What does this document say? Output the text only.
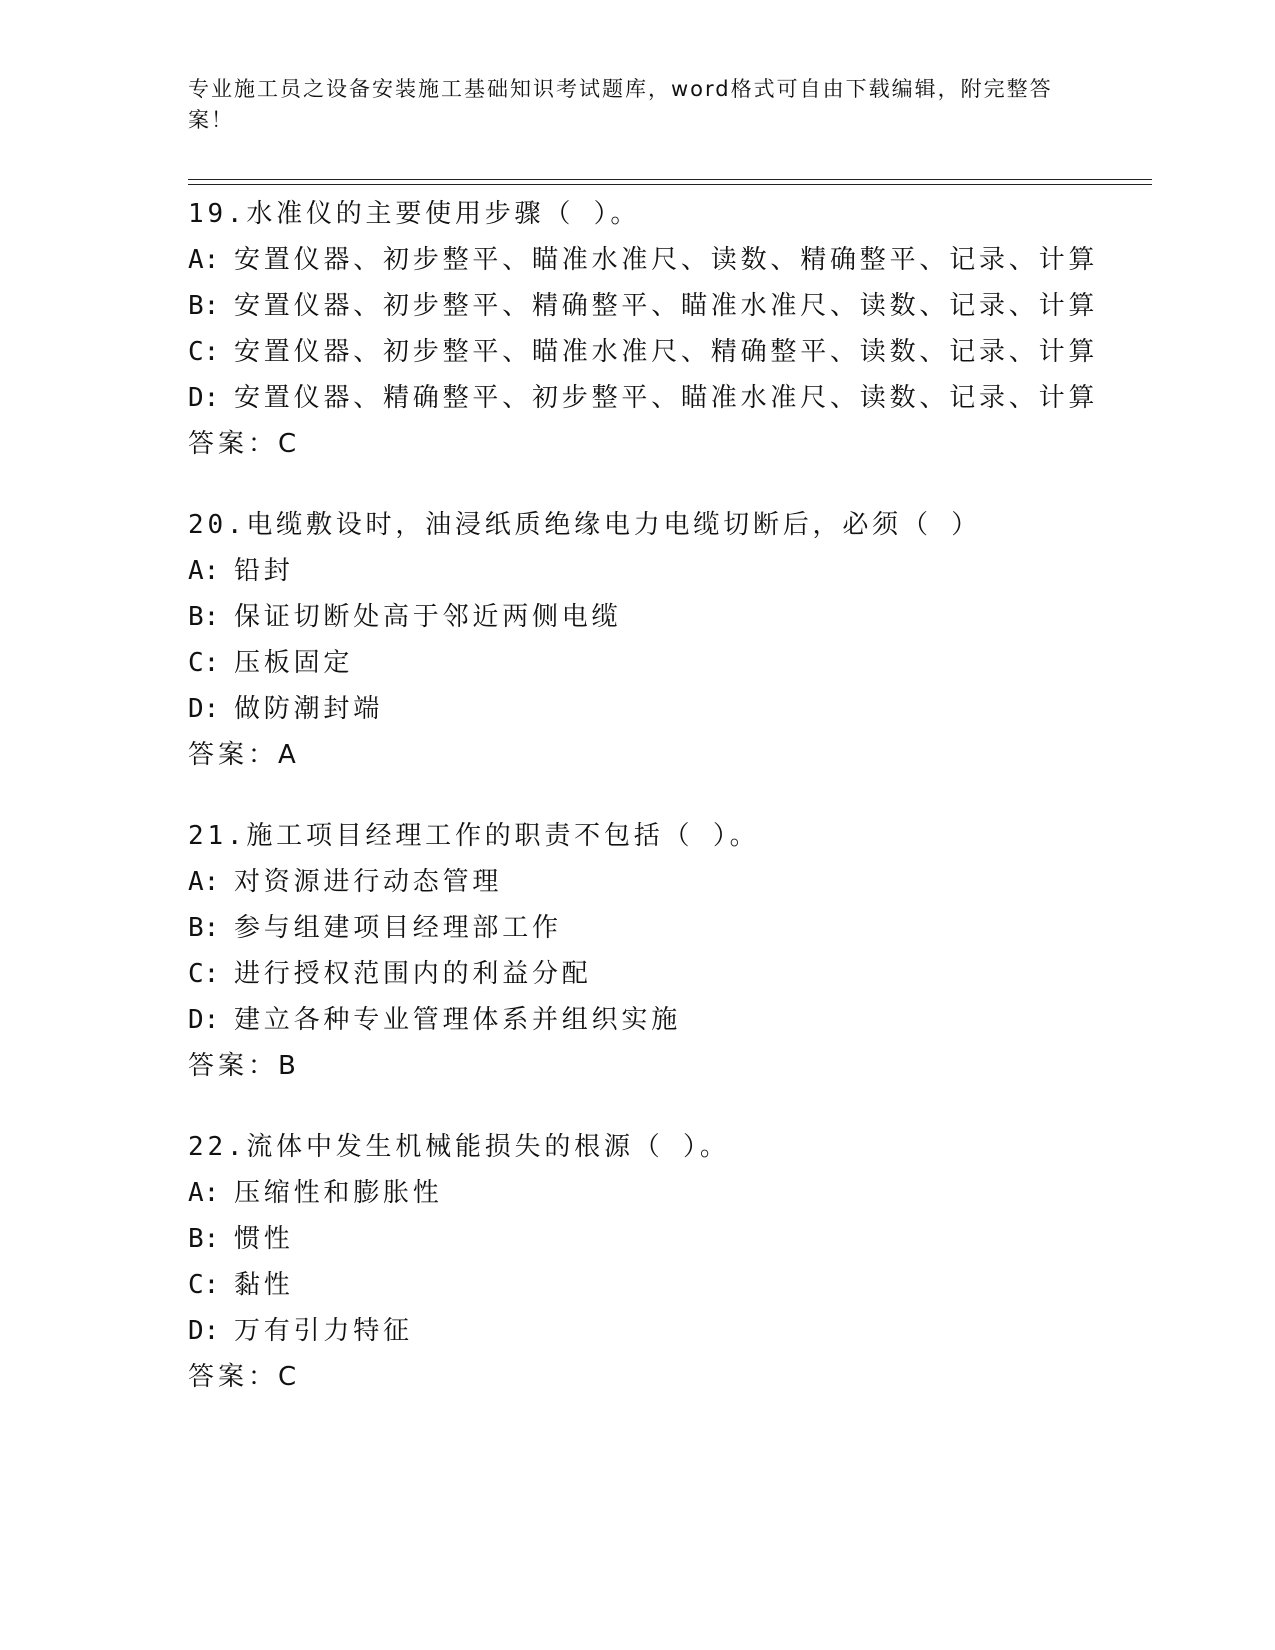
专业施工员之设备安装施工基础知识考试题库，word格式可自由下载编辑，附完整答案！

19.水准仪的主要使用步骤（ ）。
A: 安置仪器、初步整平、瞄准水准尺、读数、精确整平、记录、计算
B: 安置仪器、初步整平、精确整平、瞄准水准尺、读数、记录、计算
C: 安置仪器、初步整平、瞄准水准尺、精确整平、读数、记录、计算
D: 安置仪器、精确整平、初步整平、瞄准水准尺、读数、记录、计算
答案：C
20.电缆敷设时，油浸纸质绝缘电力电缆切断后，必须（ ）
A: 铅封
B: 保证切断处高于邻近两侧电缆
C: 压板固定
D: 做防潮封端
答案：A
21.施工项目经理工作的职责不包括（ ）。
A: 对资源进行动态管理
B: 参与组建项目经理部工作
C: 进行授权范围内的利益分配
D: 建立各种专业管理体系并组织实施
答案：B
22.流体中发生机械能损失的根源（ ）。
A: 压缩性和膨胀性
B: 惯性
C: 黏性
D: 万有引力特征
答案：C
